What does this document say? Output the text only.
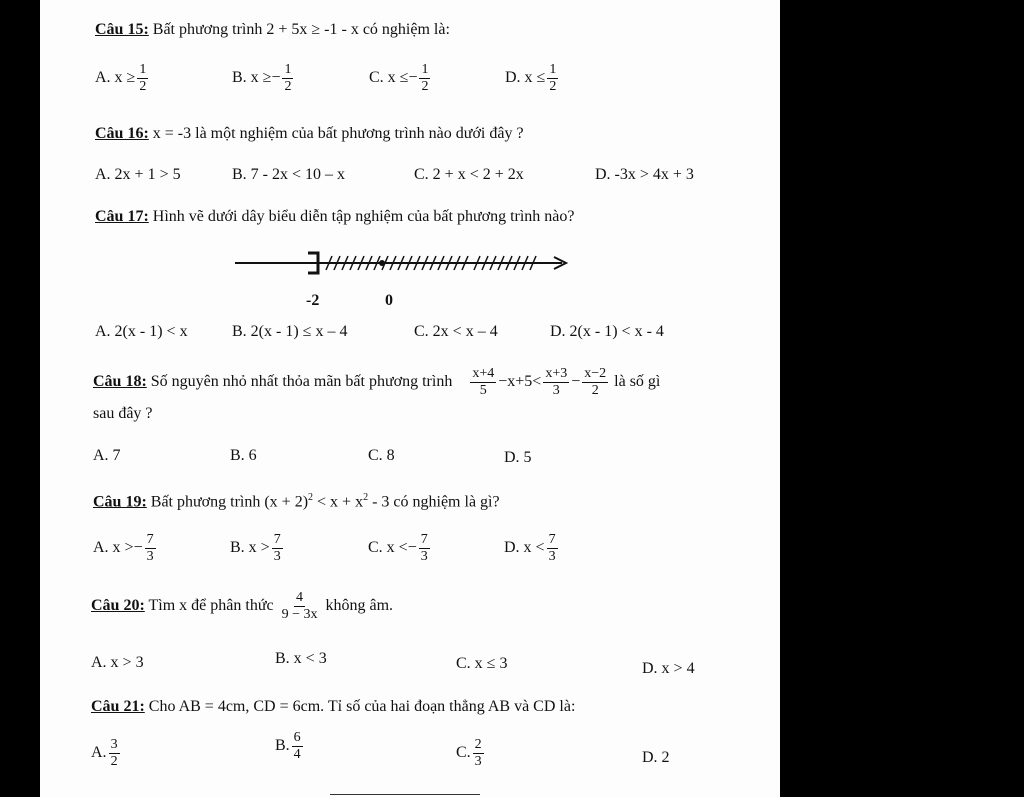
Câu 15: Bất phương trình 2 + 5x ≥ -1 - x có nghiệm là:
A. $x \ge \frac{1}{2}$	B. $x \ge- \frac{1}{2}$	C. $x \le- \frac{1}{2}$	D. $x \le \frac{1}{2}$
Câu 16: x = -3 là một nghiệm của bất phương trình nào dưới đây ?
A. 2x + 1 > 5	B. 7 - 2x < 10 – x	C. 2 + x < 2 + 2x	D. -3x > 4x + 3
Câu 17: Hình vẽ dưới dây biểu diễn tập nghiệm của bất phương trình nào?
-2	0
A. 2(x - 1) < x	B. 2(x - 1) ≤ x – 4	C. 2x < x – 4	D. 2(x - 1) < x - 4
Câu 18: Số nguyên nhỏ nhất thỏa mãn bất phương trình $\frac{x+4}{5} -x+5< \frac{x+3}{3} - \frac{x-2}{2}$ là số gì
sau đây ?
A. 7	B. 6	C. 8	D. 5
Câu 19: Bất phương trình $(x + 2)^2 < x + x^2 - 3$ có nghiệm là gì?
A. $x >- \frac{7}{3}$	B. $x > \frac{7}{3}$	C. $x <- \frac{7}{3}$	D. $x < \frac{7}{3}$
Câu 20: Tìm x để phân thức $\frac{4}{9 - 3x}$ không âm.
A. x > 3	B. x < 3	C. x ≤ 3	D. x > 4
Câu 21: Cho AB = 4cm, CD = 6cm. Tỉ số của hai đoạn thẳng AB và CD là:
A. $\frac{3}{2}$	B. $\frac{6}{4}$	C. $\frac{2}{3}$	D. 2
